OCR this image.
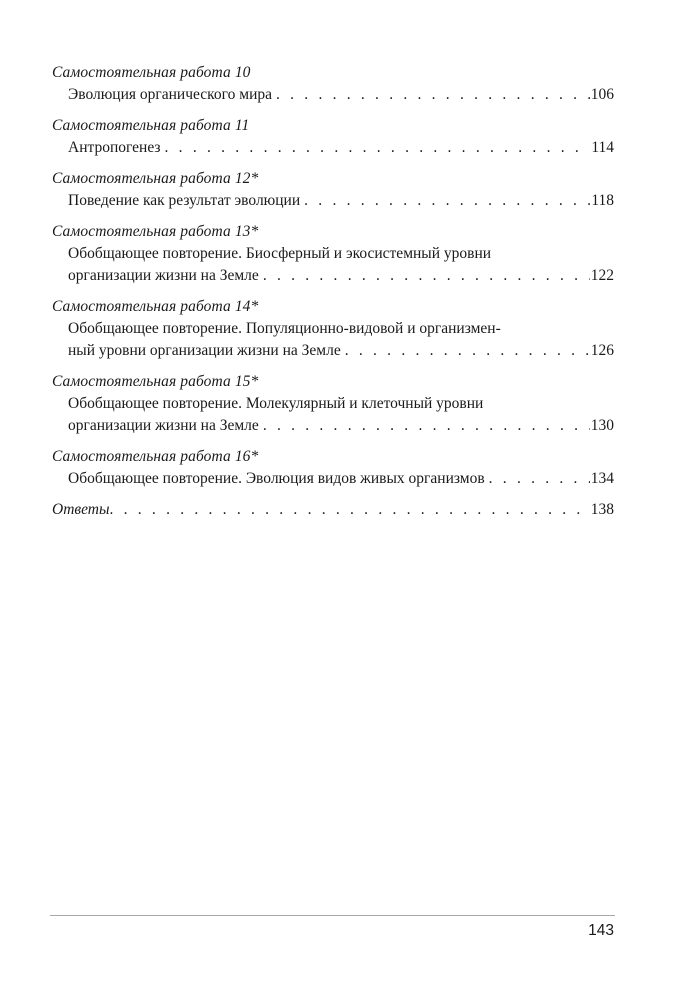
Самостоятельная работа 10
Эволюция органического мира . . .	106
Самостоятельная работа 11
Антропогенез . . .	114
Самостоятельная работа 12*
Поведение как результат эволюции . . .	118
Самостоятельная работа 13*
Обобщающее повторение. Биосферный и экосистемный уровни
организации жизни на Земле . . .	122
Самостоятельная работа 14*
Обобщающее повторение. Популяционно-видовой и организмен-
ный уровни организации жизни на Земле . . .	126
Самостоятельная работа 15*
Обобщающее повторение. Молекулярный и клеточный уровни
организации жизни на Земле . . .	130
Самостоятельная работа 16*
Обобщающее повторение. Эволюция видов живых организмов . . .	134
Ответы . . .	138
143
